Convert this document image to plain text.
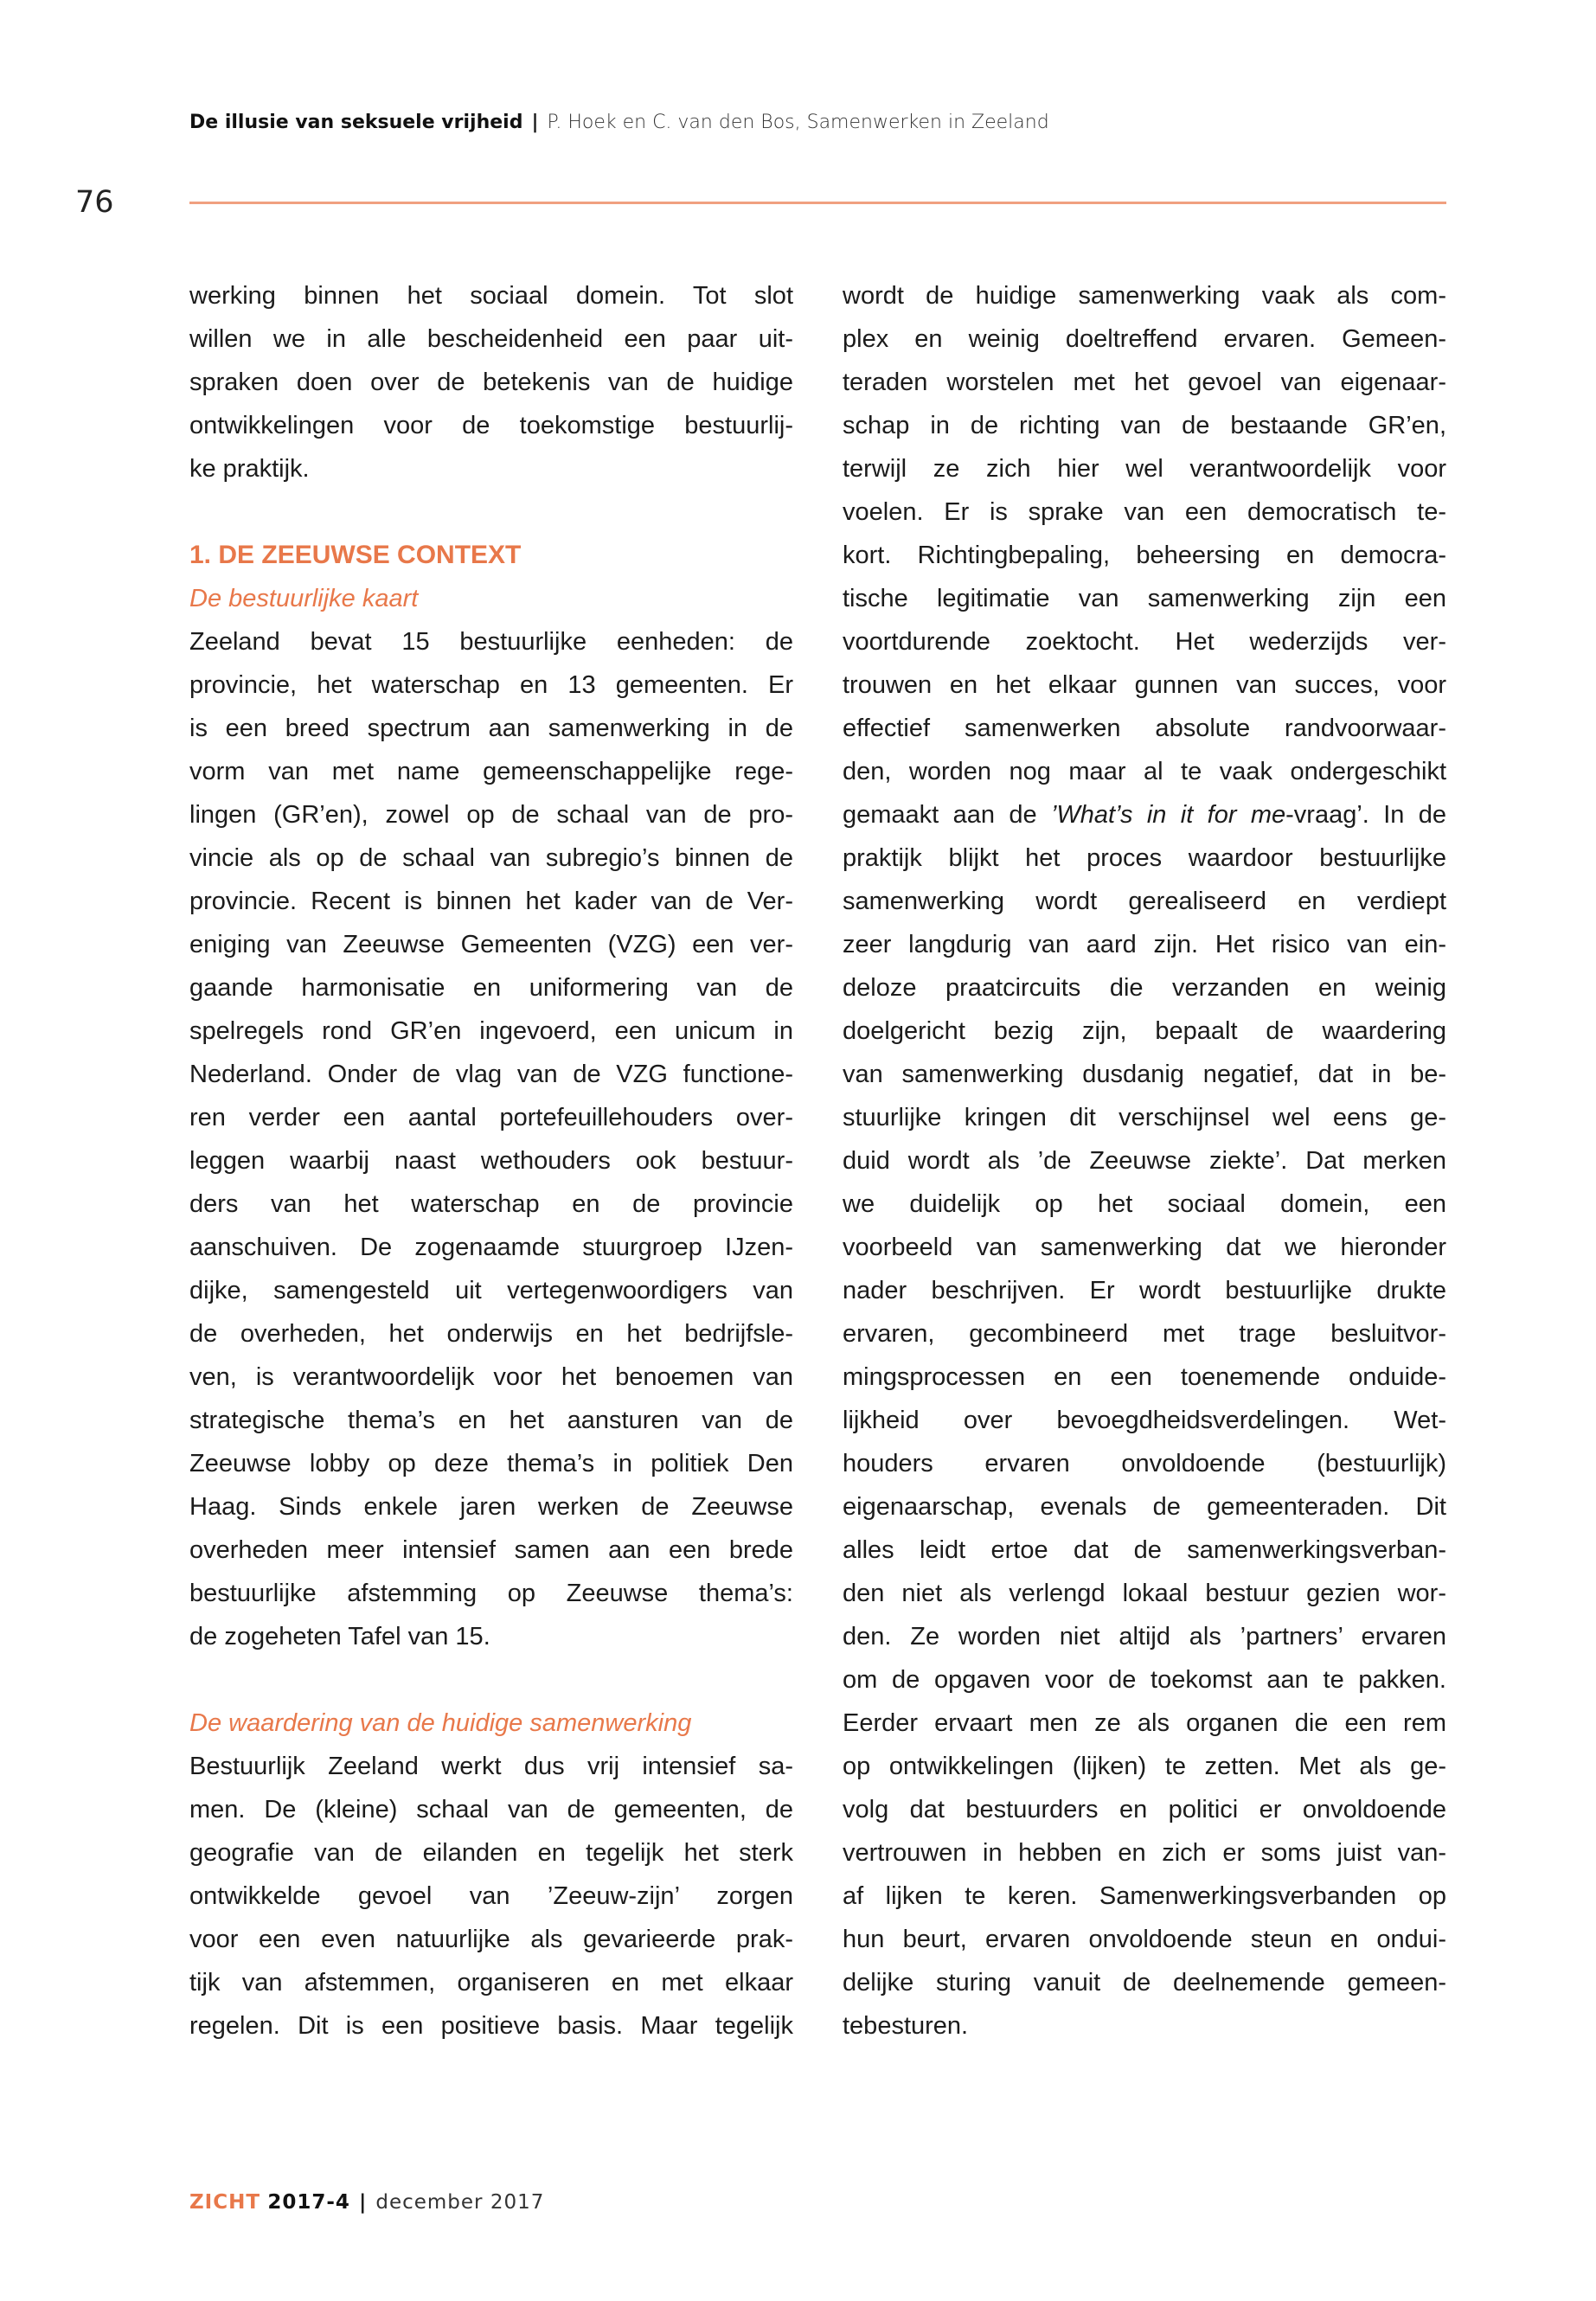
De illusie van seksuele vrijheid | P. Hoek en C. van den Bos, Samenwerken in Zeeland
76
werking binnen het sociaal domein. Tot slot
willen we in alle bescheidenheid een paar uit-
spraken doen over de betekenis van de huidige
ontwikkelingen voor de toekomstige bestuurlij-
ke praktijk.
1. DE ZEEUWSE CONTEXT
De bestuurlijke kaart
Zeeland bevat 15 bestuurlijke eenheden: de
provincie, het waterschap en 13 gemeenten. Er
is een breed spectrum aan samenwerking in de
vorm van met name gemeenschappelijke rege-
lingen (GR’en), zowel op de schaal van de pro-
vincie als op de schaal van subregio’s binnen de
provincie. Recent is binnen het kader van de Ver-
eniging van Zeeuwse Gemeenten (VZG) een ver-
gaande harmonisatie en uniformering van de
spelregels rond GR’en ingevoerd, een unicum in
Nederland. Onder de vlag van de VZG functione-
ren verder een aantal portefeuillehouders over-
leggen waarbij naast wethouders ook bestuur-
ders van het waterschap en de provincie
aanschuiven. De zogenaamde stuurgroep IJzen-
dijke, samengesteld uit vertegenwoordigers van
de overheden, het onderwijs en het bedrijfsle-
ven, is verantwoordelijk voor het benoemen van
strategische thema’s en het aansturen van de
Zeeuwse lobby op deze thema’s in politiek Den
Haag. Sinds enkele jaren werken de Zeeuwse
overheden meer intensief samen aan een brede
bestuurlijke afstemming op Zeeuwse thema’s:
de zogeheten Tafel van 15.
De waardering van de huidige samenwerking
Bestuurlijk Zeeland werkt dus vrij intensief sa-
men. De (kleine) schaal van de gemeenten, de
geografie van de eilanden en tegelijk het sterk
ontwikkelde gevoel van ’Zeeuw-zijn’ zorgen
voor een even natuurlijke als gevarieerde prak-
tijk van afstemmen, organiseren en met elkaar
regelen. Dit is een positieve basis. Maar tegelijk
wordt de huidige samenwerking vaak als com-
plex en weinig doeltreffend ervaren. Gemeen-
teraden worstelen met het gevoel van eigenaar-
schap in de richting van de bestaande GR’en,
terwijl ze zich hier wel verantwoordelijk voor
voelen. Er is sprake van een democratisch te-
kort. Richtingbepaling, beheersing en democra-
tische legitimatie van samenwerking zijn een
voortdurende zoektocht. Het wederzijds ver-
trouwen en het elkaar gunnen van succes, voor
effectief samenwerken absolute randvoorwaar-
den, worden nog maar al te vaak ondergeschikt
gemaakt aan de ’What’s in it for me-vraag’. In de
praktijk blijkt het proces waardoor bestuurlijke
samenwerking wordt gerealiseerd en verdiept
zeer langdurig van aard zijn. Het risico van ein-
deloze praatcircuits die verzanden en weinig
doelgericht bezig zijn, bepaalt de waardering
van samenwerking dusdanig negatief, dat in be-
stuurlijke kringen dit verschijnsel wel eens ge-
duid wordt als ’de Zeeuwse ziekte’. Dat merken
we duidelijk op het sociaal domein, een
voorbeeld van samenwerking dat we hieronder
nader beschrijven. Er wordt bestuurlijke drukte
ervaren, gecombineerd met trage besluitvor-
mingsprocessen en een toenemende onduide-
lijkheid over bevoegdheidsverdelingen. Wet-
houders ervaren onvoldoende (bestuurlijk)
eigenaarschap, evenals de gemeenteraden. Dit
alles leidt ertoe dat de samenwerkingsverban-
den niet als verlengd lokaal bestuur gezien wor-
den. Ze worden niet altijd als ’partners’ ervaren
om de opgaven voor de toekomst aan te pakken.
Eerder ervaart men ze als organen die een rem
op ontwikkelingen (lijken) te zetten. Met als ge-
volg dat bestuurders en politici er onvoldoende
vertrouwen in hebben en zich er soms juist van-
af lijken te keren. Samenwerkingsverbanden op
hun beurt, ervaren onvoldoende steun en ondui-
delijke sturing vanuit de deelnemende gemeen-
tebesturen.
ZICHT 2017-4 | december 2017
